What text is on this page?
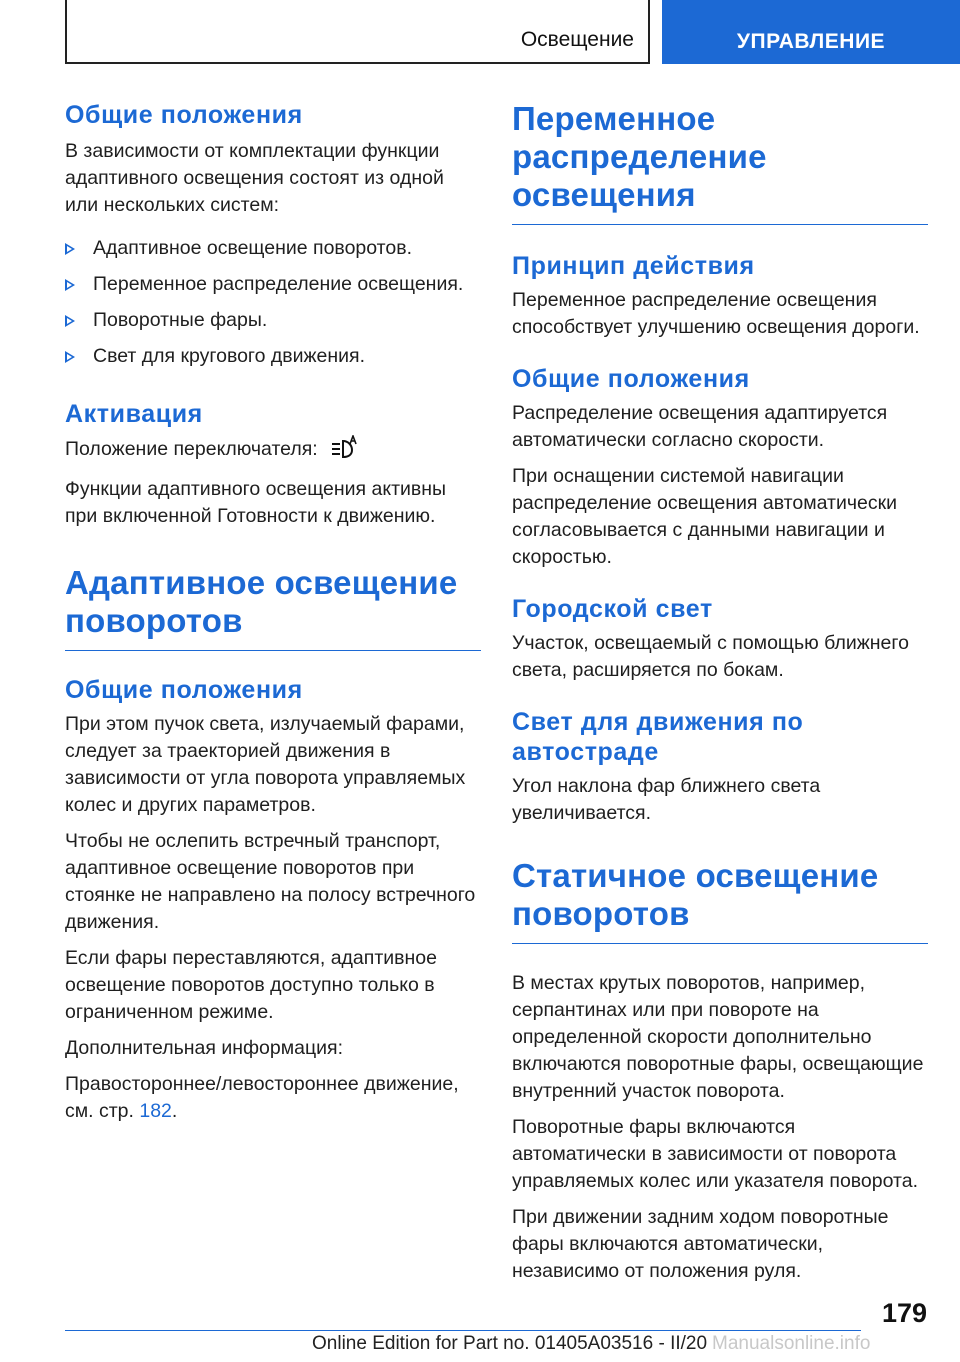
Освещение	УПРАВЛЕНИЕ
Общие положения
В зависимости от комплектации функции адаптивного освещения состоят из одной или нескольких систем:
Адаптивное освещение поворотов.
Переменное распределение освещения.
Поворотные фары.
Свет для кругового движения.
Активация
Положение переключателя:
Функции адаптивного освещения активны при включенной Готовности к движению.
Адаптивное освещение поворотов
Общие положения
При этом пучок света, излучаемый фарами, следует за траекторией движения в зависимости от угла поворота управляемых колес и других параметров.
Чтобы не ослепить встречный транспорт, адаптивное освещение поворотов при стоянке не направлено на полосу встречного движения.
Если фары переставляются, адаптивное освещение поворотов доступно только в ограниченном режиме.
Дополнительная информация:
Правостороннее/левостороннее движение, см. стр. 182.
Переменное распределение освещения
Принцип действия
Переменное распределение освещения способствует улучшению освещения дороги.
Общие положения
Распределение освещения адаптируется автоматически согласно скорости.
При оснащении системой навигации распределение освещения автоматически согласовывается с данными навигации и скоростью.
Городской свет
Участок, освещаемый с помощью ближнего света, расширяется по бокам.
Свет для движения по автостраде
Угол наклона фар ближнего света увеличивается.
Статичное освещение поворотов
В местах крутых поворотов, например, серпантинах или при повороте на определенной скорости дополнительно включаются поворотные фары, освещающие внутренний участок поворота.
Поворотные фары включаются автоматически в зависимости от поворота управляемых колес или указателя поворота.
При движении задним ходом поворотные фары включаются автоматически, независимо от положения руля.
179
Online Edition for Part no. 01405A03516 - II/20 Manualsonline.info
